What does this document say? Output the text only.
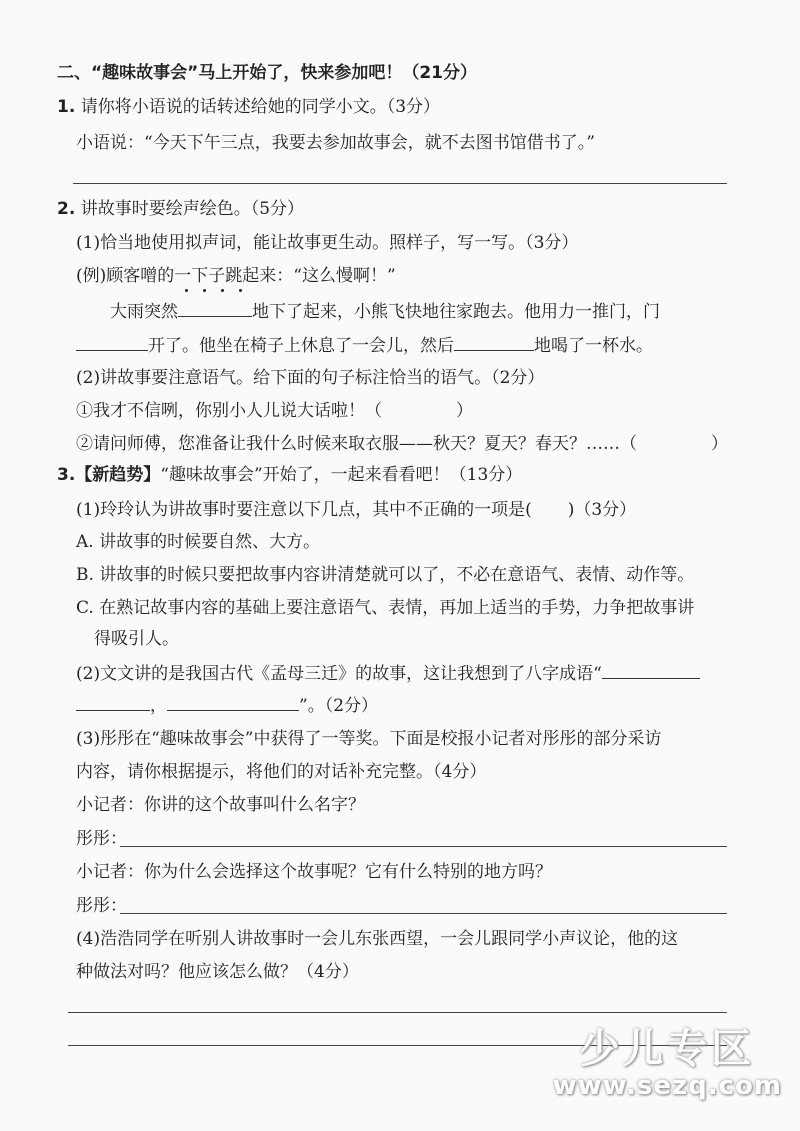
二、“趣味故事会”马上开始了，快来参加吧！（21分）
1. 请你将小语说的话转述给她的同学小文。（3分）
小语说：“今天下午三点，我要去参加故事会，就不去图书馆借书了。”
2. 讲故事时要绘声绘色。（5分）
(1)恰当地使用拟声词，能让故事更生动。照样子，写一写。（3分）
(例)顾客噌的一下子跳起来：“这么慢啊！”
大雨突然	地下了起来，小熊飞快地往家跑去。他用力一推门，门
开了。他坐在椅子上休息了一会儿，然后	地喝了一杯水。
(2)讲故事要注意语气。给下面的句子标注恰当的语气。（2分）
①我才不信咧，你别小人儿说大话啦！（	）
②请问师傅，您准备让我什么时候来取衣服——秋天？夏天？春天？……（	）
3.【新趋势】“趣味故事会”开始了，一起来看看吧！（13分）
(1)玲玲认为讲故事时要注意以下几点，其中不正确的一项是( )（3分）
A. 讲故事的时候要自然、大方。
B. 讲故事的时候只要把故事内容讲清楚就可以了，不必在意语气、表情、动作等。
C. 在熟记故事内容的基础上要注意语气、表情，再加上适当的手势，力争把故事讲
得吸引人。
(2)文文讲的是我国古代《孟母三迁》的故事，这让我想到了八字成语“
，	”。（2分）
(3)彤彤在“趣味故事会”中获得了一等奖。下面是校报小记者对彤彤的部分采访
内容，请你根据提示，将他们的对话补充完整。（4分）
小记者：你讲的这个故事叫什么名字？
彤彤：
小记者：你为什么会选择这个故事呢？它有什么特别的地方吗？
彤彤：
(4)浩浩同学在听别人讲故事时一会儿东张西望，一会儿跟同学小声议论，他的这
种做法对吗？他应该怎么做？（4分）
少儿专区
www.sezq.com
